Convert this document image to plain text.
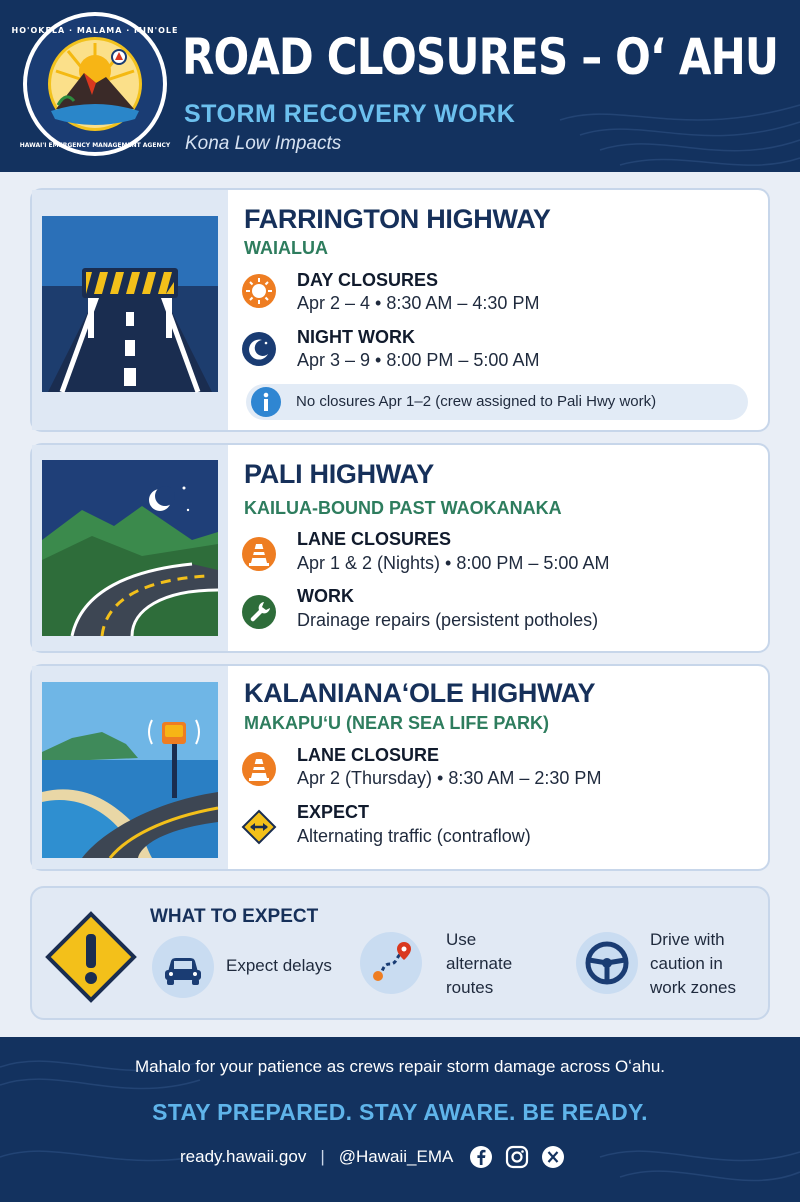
HO'OKELA · MALAMA · MIN'OLE
HAWAI'I EMERGENCY MANAGEMENT AGENCY
ROAD CLOSURES – Oʻ AHU
STORM RECOVERY WORK
Kona Low Impacts
FARRINGTON HIGHWAY
WAIALUA
DAY CLOSURES
Apr 2 – 4 • 8:30 AM – 4:30 PM
NIGHT WORK
Apr 3 – 9 • 8:00 PM – 5:00 AM
No closures Apr 1–2 (crew assigned to Pali Hwy work)
PALI HIGHWAY
KAILUA-BOUND PAST WAOKANAKA
LANE CLOSURES
Apr 1 & 2 (Nights) • 8:00 PM – 5:00 AM
WORK
Drainage repairs (persistent potholes)
KALANIANAʻOLE HIGHWAY
MAKAPUʻU (NEAR SEA LIFE PARK)
LANE CLOSURE
Apr 2 (Thursday) • 8:30 AM – 2:30 PM
EXPECT
Alternating traffic (contraflow)
WHAT TO EXPECT
Expect delays
Use
alternate
routes
Drive with
caution in
work zones
Mahalo for your patience as crews repair storm damage across Oʻahu.
STAY PREPARED. STAY AWARE. BE READY.
ready.hawaii.gov | @Hawaii_EMA
